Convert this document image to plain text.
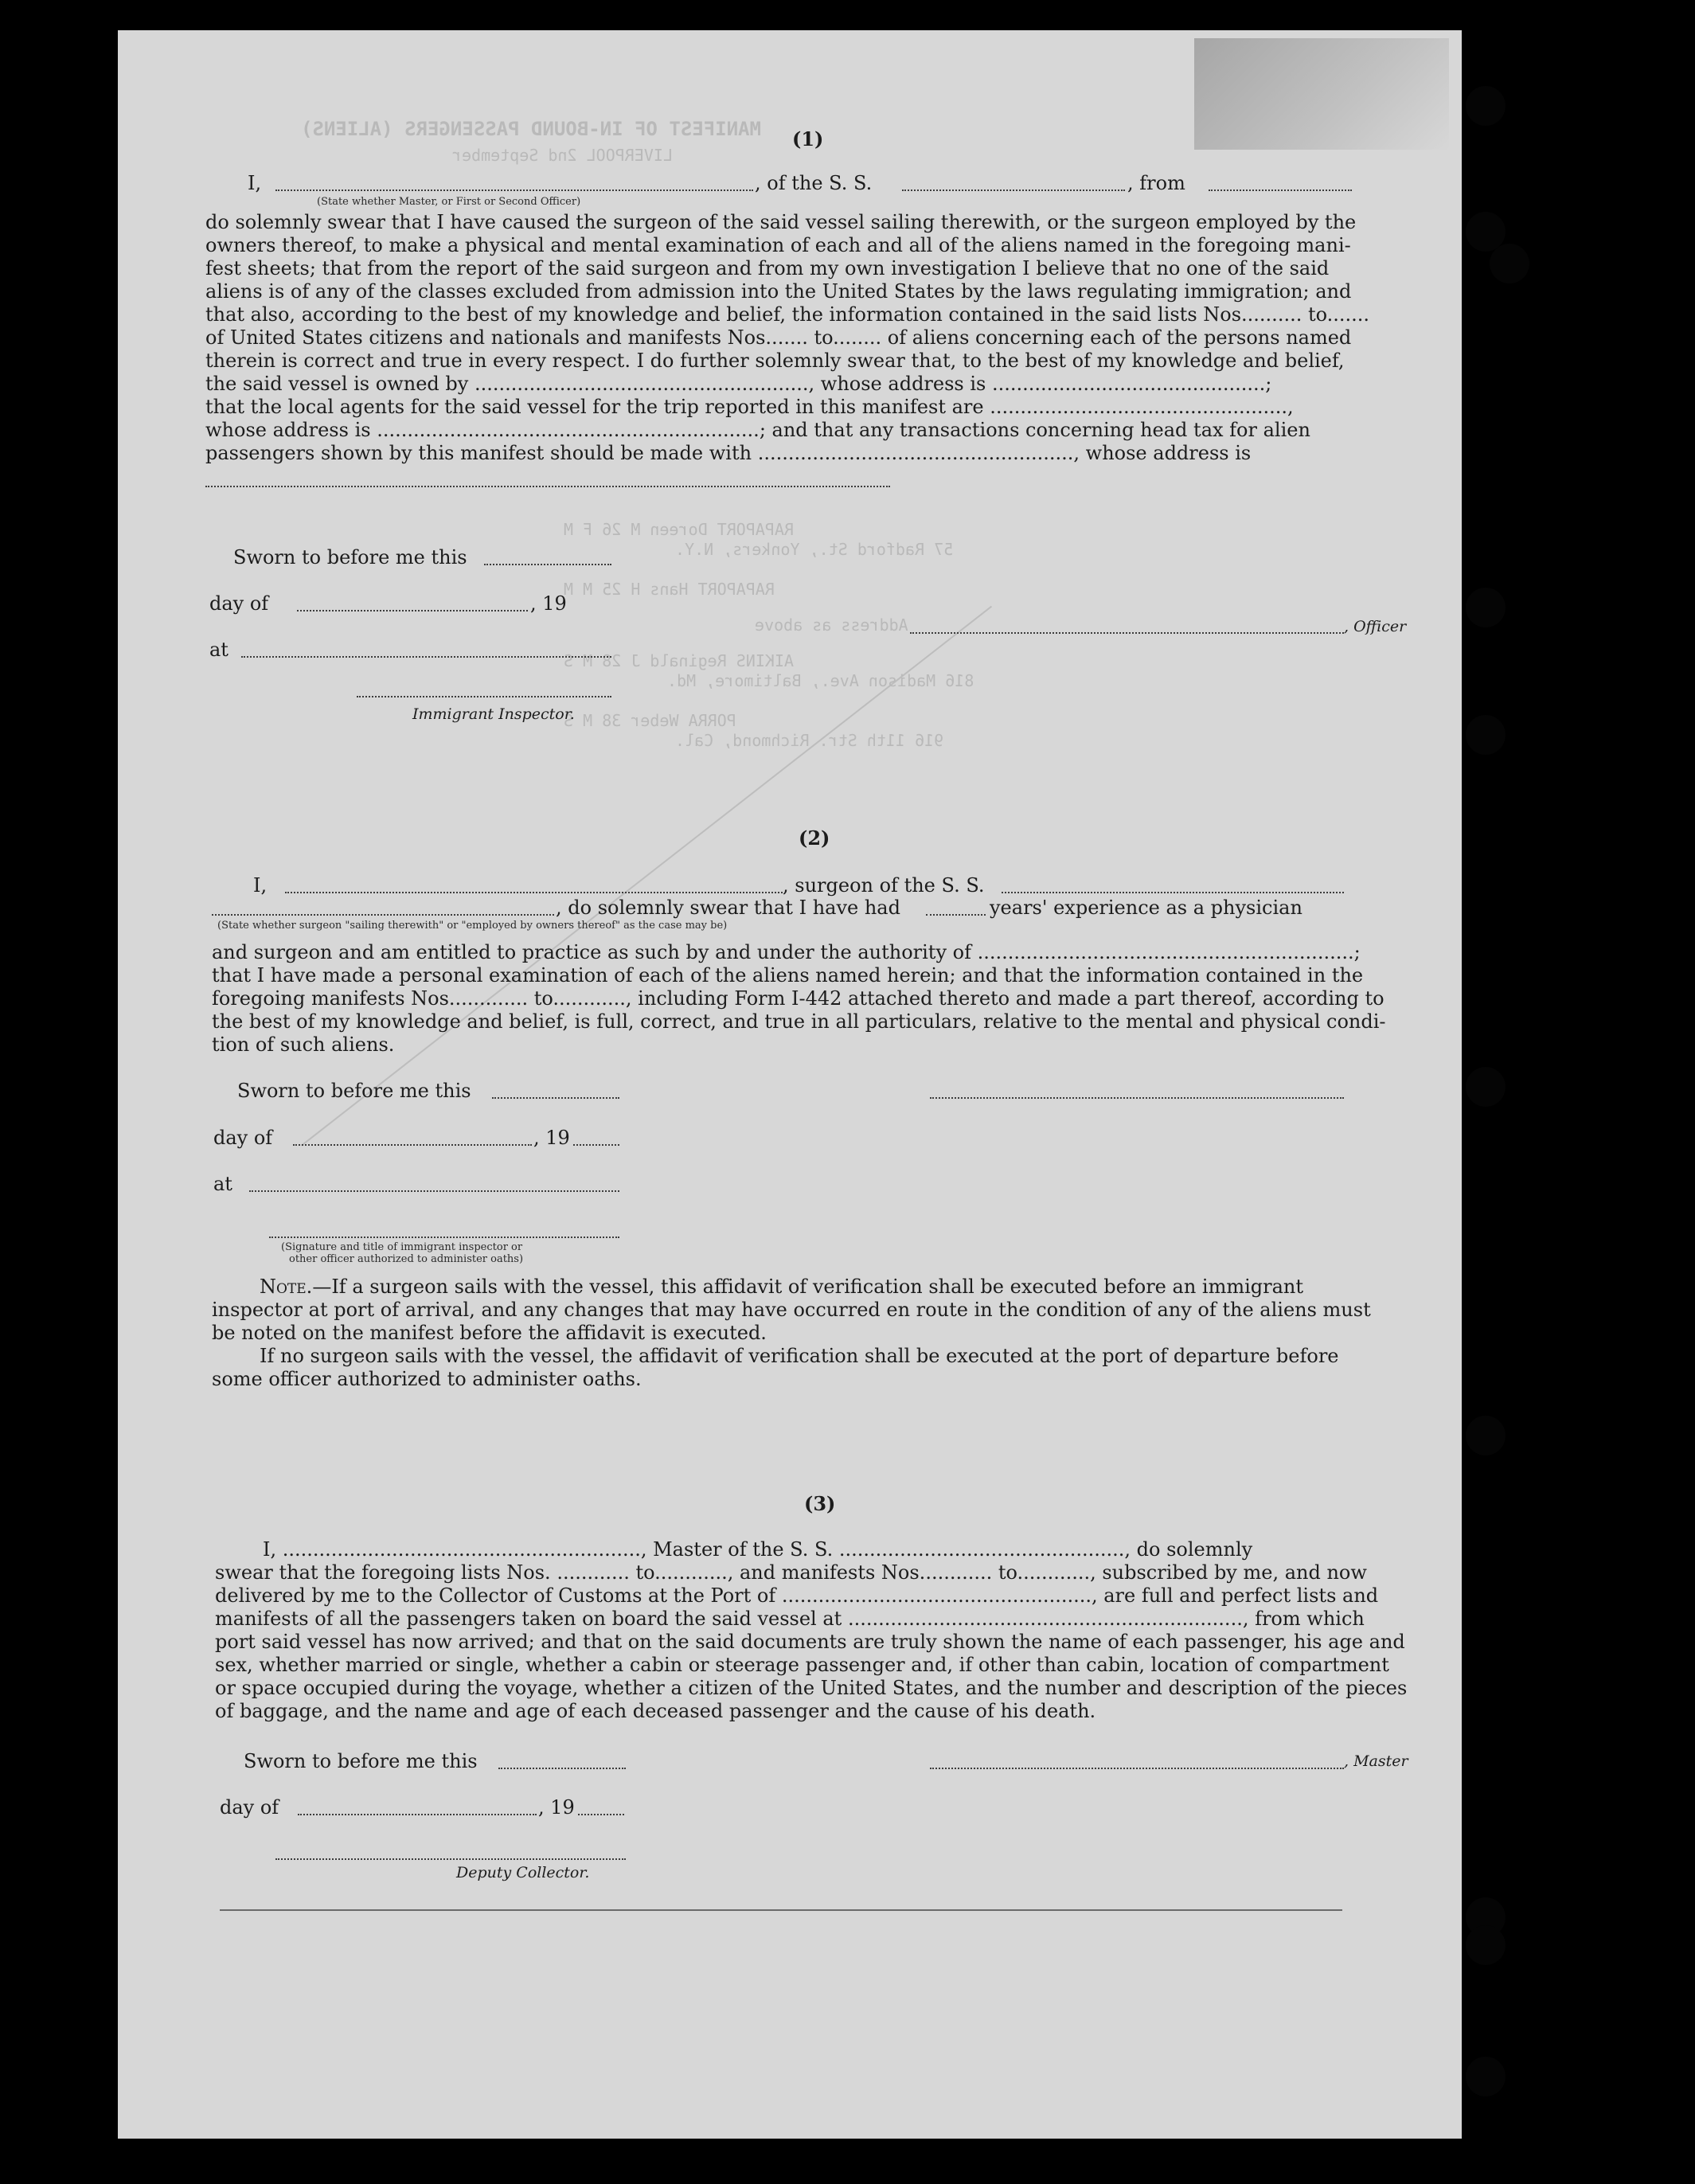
MANIFEST OF IN-BOUND PASSENGERS (ALIENS)
LIVERPOOL 2nd September
RAPAPORT Doreen M 26 F M
57 Radford St., Yonkers, N.Y.
RAPAPORT Hans H 25 M M
Address as above
AIKINS Reginald J 28 M S
816 Madison Ave., Baltimore, Md.
PORRA Weber 38 M S
916 11th Str. Richmond, Cal.
(1)
I,	, of the S. S.	, from
(State whether Master, or First or Second Officer)
do solemnly swear that I have caused the surgeon of the said vessel sailing therewith, or the surgeon employed by the
owners thereof, to make a physical and mental examination of each and all of the aliens named in the foregoing mani-
fest sheets; that from the report of the said surgeon and from my own investigation I believe that no one of the said
aliens is of any of the classes excluded from admission into the United States by the laws regulating immigration; and
that also, according to the best of my knowledge and belief, the information contained in the said lists Nos.......... to.......
of United States citizens and nationals and manifests Nos....... to........ of aliens concerning each of the persons named
therein is correct and true in every respect. I do further solemnly swear that, to the best of my knowledge and belief,
the said vessel is owned by ......................................................., whose address is .............................................;
that the local agents for the said vessel for the trip reported in this manifest are .................................................,
whose address is ...............................................................; and that any transactions concerning head tax for alien
passengers shown by this manifest should be made with ...................................................., whose address is
Sworn to before me this
day of	, 19
at
, Officer
Immigrant Inspector.
(2)
I,	, surgeon of the S. S.
, do solemnly swear that I have had	years' experience as a physician
(State whether surgeon "sailing therewith" or "employed by owners thereof" as the case may be)
and surgeon and am entitled to practice as such by and under the authority of ..............................................................;
that I have made a personal examination of each of the aliens named herein; and that the information contained in the
foregoing manifests Nos............. to............, including Form I-442 attached thereto and made a part thereof, according to
the best of my knowledge and belief, is full, correct, and true in all particulars, relative to the mental and physical condi-
tion of such aliens.
Sworn to before me this
day of	, 19
at
(Signature and title of immigrant inspector or
other officer authorized to administer oaths)
Note.—If a surgeon sails with the vessel, this affidavit of verification shall be executed before an immigrant
inspector at port of arrival, and any changes that may have occurred en route in the condition of any of the aliens must
be noted on the manifest before the affidavit is executed.
If no surgeon sails with the vessel, the affidavit of verification shall be executed at the port of departure before
some officer authorized to administer oaths.
(3)
I, ..........................................................., Master of the S. S. ..............................................., do solemnly
swear that the foregoing lists Nos. ............ to............, and manifests Nos............ to............, subscribed by me, and now
delivered by me to the Collector of Customs at the Port of ..................................................., are full and perfect lists and
manifests of all the passengers taken on board the said vessel at ................................................................., from which
port said vessel has now arrived; and that on the said documents are truly shown the name of each passenger, his age and
sex, whether married or single, whether a cabin or steerage passenger and, if other than cabin, location of compartment
or space occupied during the voyage, whether a citizen of the United States, and the number and description of the pieces
of baggage, and the name and age of each deceased passenger and the cause of his death.
Sworn to before me this	, Master
day of	, 19
Deputy Collector.
